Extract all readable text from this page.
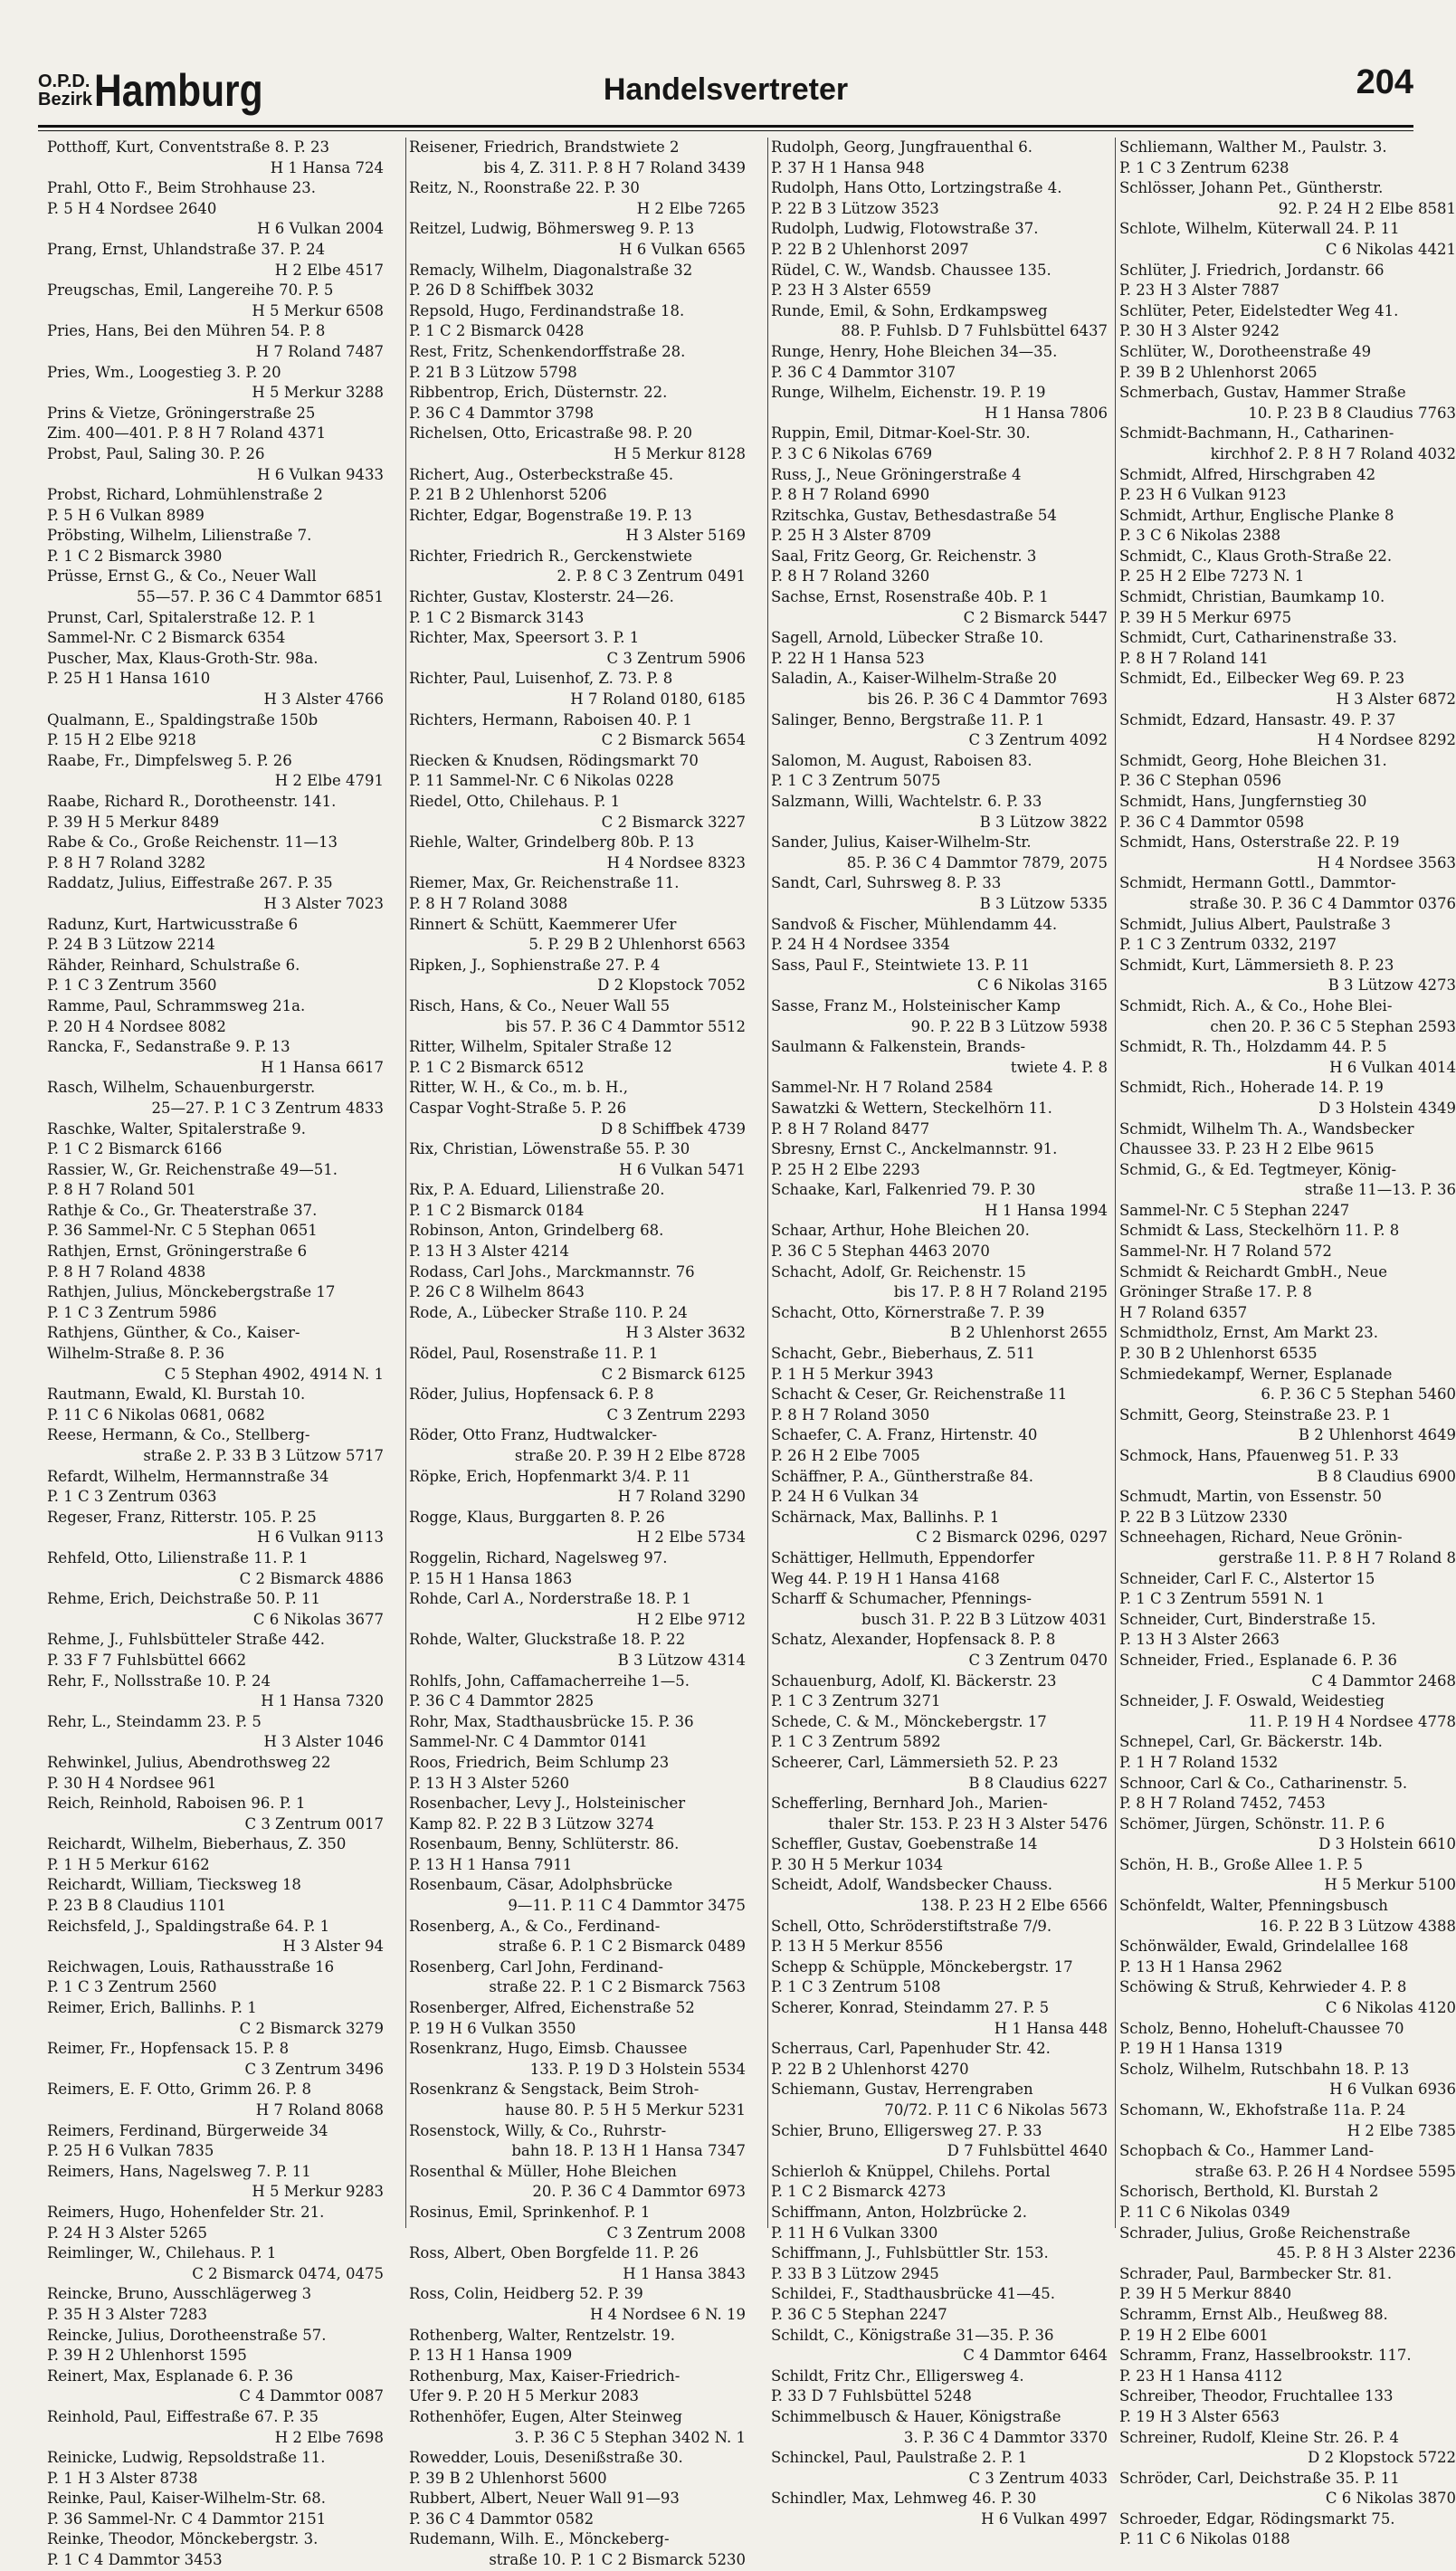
O.P.D.
Bezirk Hamburg	Handelsvertreter	204
Potthoff, Kurt, Conventstraße 8. P. 23
H 1 Hansa 724
Prahl, Otto F., Beim Strohhause 23.
P. 5 H 4 Nordsee 2640
H 6 Vulkan 2004
Prang, Ernst, Uhlandstraße 37. P. 24
H 2 Elbe 4517
Preugschas, Emil, Langereihe 70. P. 5
H 5 Merkur 6508
Pries, Hans, Bei den Mühren 54. P. 8
H 7 Roland 7487
Pries, Wm., Loogestieg 3. P. 20
H 5 Merkur 3288
Prins & Vietze, Gröningerstraße 25
Zim. 400—401. P. 8 H 7 Roland 4371
Probst, Paul, Saling 30. P. 26
H 6 Vulkan 9433
Probst, Richard, Lohmühlenstraße 2
P. 5 H 6 Vulkan 8989
Pröbsting, Wilhelm, Lilienstraße 7.
P. 1 C 2 Bismarck 3980
Prüsse, Ernst G., & Co., Neuer Wall
55—57. P. 36 C 4 Dammtor 6851
Prunst, Carl, Spitalerstraße 12. P. 1
Sammel-Nr. C 2 Bismarck 6354
Puscher, Max, Klaus-Groth-Str. 98a.
P. 25 H 1 Hansa 1610
H 3 Alster 4766
Qualmann, E., Spaldingstraße 150b
P. 15 H 2 Elbe 9218
Raabe, Fr., Dimpfelsweg 5. P. 26
H 2 Elbe 4791
Raabe, Richard R., Dorotheenstr. 141.
P. 39 H 5 Merkur 8489
Rabe & Co., Große Reichenstr. 11—13
P. 8 H 7 Roland 3282
Raddatz, Julius, Eiffestraße 267. P. 35
H 3 Alster 7023
Radunz, Kurt, Hartwicusstraße 6
P. 24 B 3 Lützow 2214
Rähder, Reinhard, Schulstraße 6.
P. 1 C 3 Zentrum 3560
Ramme, Paul, Schrammsweg 21a.
P. 20 H 4 Nordsee 8082
Rancka, F., Sedanstraße 9. P. 13
H 1 Hansa 6617
Rasch, Wilhelm, Schauenburgerstr.
25—27. P. 1 C 3 Zentrum 4833
Raschke, Walter, Spitalerstraße 9.
P. 1 C 2 Bismarck 6166
Rassier, W., Gr. Reichenstraße 49—51.
P. 8 H 7 Roland 501
Rathje & Co., Gr. Theaterstraße 37.
P. 36 Sammel-Nr. C 5 Stephan 0651
Rathjen, Ernst, Gröningerstraße 6
P. 8 H 7 Roland 4838
Rathjen, Julius, Mönckebergstraße 17
P. 1 C 3 Zentrum 5986
Rathjens, Günther, & Co., Kaiser-
Wilhelm-Straße 8. P. 36
C 5 Stephan 4902, 4914 N. 1
Rautmann, Ewald, Kl. Burstah 10.
P. 11 C 6 Nikolas 0681, 0682
Reese, Hermann, & Co., Stellberg-
straße 2. P. 33 B 3 Lützow 5717
Refardt, Wilhelm, Hermannstraße 34
P. 1 C 3 Zentrum 0363
Regeser, Franz, Ritterstr. 105. P. 25
H 6 Vulkan 9113
Rehfeld, Otto, Lilienstraße 11. P. 1
C 2 Bismarck 4886
Rehme, Erich, Deichstraße 50. P. 11
C 6 Nikolas 3677
Rehme, J., Fuhlsbütteler Straße 442.
P. 33 F 7 Fuhlsbüttel 6662
Rehr, F., Nollsstraße 10. P. 24
H 1 Hansa 7320
Rehr, L., Steindamm 23. P. 5
H 3 Alster 1046
Rehwinkel, Julius, Abendrothsweg 22
P. 30 H 4 Nordsee 961
Reich, Reinhold, Raboisen 96. P. 1
C 3 Zentrum 0017
Reichardt, Wilhelm, Bieberhaus, Z. 350
P. 1 H 5 Merkur 6162
Reichardt, William, Tiecksweg 18
P. 23 B 8 Claudius 1101
Reichsfeld, J., Spaldingstraße 64. P. 1
H 3 Alster 94
Reichwagen, Louis, Rathausstraße 16
P. 1 C 3 Zentrum 2560
Reimer, Erich, Ballinhs. P. 1
C 2 Bismarck 3279
Reimer, Fr., Hopfensack 15. P. 8
C 3 Zentrum 3496
Reimers, E. F. Otto, Grimm 26. P. 8
H 7 Roland 8068
Reimers, Ferdinand, Bürgerweide 34
P. 25 H 6 Vulkan 7835
Reimers, Hans, Nagelsweg 7. P. 11
H 5 Merkur 9283
Reimers, Hugo, Hohenfelder Str. 21.
P. 24 H 3 Alster 5265
Reimlinger, W., Chilehaus. P. 1
C 2 Bismarck 0474, 0475
Reincke, Bruno, Ausschlägerweg 3
P. 35 H 3 Alster 7283
Reincke, Julius, Dorotheenstraße 57.
P. 39 H 2 Uhlenhorst 1595
Reinert, Max, Esplanade 6. P. 36
C 4 Dammtor 0087
Reinhold, Paul, Eiffestraße 67. P. 35
H 2 Elbe 7698
Reinicke, Ludwig, Repsoldstraße 11.
P. 1 H 3 Alster 8738
Reinke, Paul, Kaiser-Wilhelm-Str. 68.
P. 36 Sammel-Nr. C 4 Dammtor 2151
Reinke, Theodor, Mönckebergstr. 3.
P. 1 C 4 Dammtor 3453
Reisener, Friedrich, Brandstwiete 2
bis 4, Z. 311. P. 8 H 7 Roland 3439
Reitz, N., Roonstraße 22. P. 30
H 2 Elbe 7265
Reitzel, Ludwig, Böhmersweg 9. P. 13
H 6 Vulkan 6565
Remacly, Wilhelm, Diagonalstraße 32
P. 26 D 8 Schiffbek 3032
Repsold, Hugo, Ferdinandstraße 18.
P. 1 C 2 Bismarck 0428
Rest, Fritz, Schenkendorffstraße 28.
P. 21 B 3 Lützow 5798
Ribbentrop, Erich, Düsternstr. 22.
P. 36 C 4 Dammtor 3798
Richelsen, Otto, Ericastraße 98. P. 20
H 5 Merkur 8128
Richert, Aug., Osterbeckstraße 45.
P. 21 B 2 Uhlenhorst 5206
Richter, Edgar, Bogenstraße 19. P. 13
H 3 Alster 5169
Richter, Friedrich R., Gerckenstwiete
2. P. 8 C 3 Zentrum 0491
Richter, Gustav, Klosterstr. 24—26.
P. 1 C 2 Bismarck 3143
Richter, Max, Speersort 3. P. 1
C 3 Zentrum 5906
Richter, Paul, Luisenhof, Z. 73. P. 8
H 7 Roland 0180, 6185
Richters, Hermann, Raboisen 40. P. 1
C 2 Bismarck 5654
Riecken & Knudsen, Rödingsmarkt 70
P. 11 Sammel-Nr. C 6 Nikolas 0228
Riedel, Otto, Chilehaus. P. 1
C 2 Bismarck 3227
Riehle, Walter, Grindelberg 80b. P. 13
H 4 Nordsee 8323
Riemer, Max, Gr. Reichenstraße 11.
P. 8 H 7 Roland 3088
Rinnert & Schütt, Kaemmerer Ufer
5. P. 29 B 2 Uhlenhorst 6563
Ripken, J., Sophienstraße 27. P. 4
D 2 Klopstock 7052
Risch, Hans, & Co., Neuer Wall 55
bis 57. P. 36 C 4 Dammtor 5512
Ritter, Wilhelm, Spitaler Straße 12
P. 1 C 2 Bismarck 6512
Ritter, W. H., & Co., m. b. H.,
Caspar Voght-Straße 5. P. 26
D 8 Schiffbek 4739
Rix, Christian, Löwenstraße 55. P. 30
H 6 Vulkan 5471
Rix, P. A. Eduard, Lilienstraße 20.
P. 1 C 2 Bismarck 0184
Robinson, Anton, Grindelberg 68.
P. 13 H 3 Alster 4214
Rodass, Carl Johs., Marckmannstr. 76
P. 26 C 8 Wilhelm 8643
Rode, A., Lübecker Straße 110. P. 24
H 3 Alster 3632
Rödel, Paul, Rosenstraße 11. P. 1
C 2 Bismarck 6125
Röder, Julius, Hopfensack 6. P. 8
C 3 Zentrum 2293
Röder, Otto Franz, Hudtwalcker-
straße 20. P. 39 H 2 Elbe 8728
Röpke, Erich, Hopfenmarkt 3/4. P. 11
H 7 Roland 3290
Rogge, Klaus, Burggarten 8. P. 26
H 2 Elbe 5734
Roggelin, Richard, Nagelsweg 97.
P. 15 H 1 Hansa 1863
Rohde, Carl A., Norderstraße 18. P. 1
H 2 Elbe 9712
Rohde, Walter, Gluckstraße 18. P. 22
B 3 Lützow 4314
Rohlfs, John, Caffamacherreihe 1—5.
P. 36 C 4 Dammtor 2825
Rohr, Max, Stadthausbrücke 15. P. 36
Sammel-Nr. C 4 Dammtor 0141
Roos, Friedrich, Beim Schlump 23
P. 13 H 3 Alster 5260
Rosenbacher, Levy J., Holsteinischer
Kamp 82. P. 22 B 3 Lützow 3274
Rosenbaum, Benny, Schlüterstr. 86.
P. 13 H 1 Hansa 7911
Rosenbaum, Cäsar, Adolphsbrücke
9—11. P. 11 C 4 Dammtor 3475
Rosenberg, A., & Co., Ferdinand-
straße 6. P. 1 C 2 Bismarck 0489
Rosenberg, Carl John, Ferdinand-
straße 22. P. 1 C 2 Bismarck 7563
Rosenberger, Alfred, Eichenstraße 52
P. 19 H 6 Vulkan 3550
Rosenkranz, Hugo, Eimsb. Chaussee
133. P. 19 D 3 Holstein 5534
Rosenkranz & Sengstack, Beim Stroh-
hause 80. P. 5 H 5 Merkur 5231
Rosenstock, Willy, & Co., Ruhrstr-
bahn 18. P. 13 H 1 Hansa 7347
Rosenthal & Müller, Hohe Bleichen
20. P. 36 C 4 Dammtor 6973
Rosinus, Emil, Sprinkenhof. P. 1
C 3 Zentrum 2008
Ross, Albert, Oben Borgfelde 11. P. 26
H 1 Hansa 3843
Ross, Colin, Heidberg 52. P. 39
H 4 Nordsee 6 N. 19
Rothenberg, Walter, Rentzelstr. 19.
P. 13 H 1 Hansa 1909
Rothenburg, Max, Kaiser-Friedrich-
Ufer 9. P. 20 H 5 Merkur 2083
Rothenhöfer, Eugen, Alter Steinweg
3. P. 36 C 5 Stephan 3402 N. 1
Rowedder, Louis, Desenißstraße 30.
P. 39 B 2 Uhlenhorst 5600
Rubbert, Albert, Neuer Wall 91—93
P. 36 C 4 Dammtor 0582
Rudemann, Wilh. E., Mönckeberg-
straße 10. P. 1 C 2 Bismarck 5230
Rudolph, Georg, Jungfrauenthal 6.
P. 37 H 1 Hansa 948
Rudolph, Hans Otto, Lortzingstraße 4.
P. 22 B 3 Lützow 3523
Rudolph, Ludwig, Flotowstraße 37.
P. 22 B 2 Uhlenhorst 2097
Rüdel, C. W., Wandsb. Chaussee 135.
P. 23 H 3 Alster 6559
Runde, Emil, & Sohn, Erdkampsweg
88. P. Fuhlsb. D 7 Fuhlsbüttel 6437
Runge, Henry, Hohe Bleichen 34—35.
P. 36 C 4 Dammtor 3107
Runge, Wilhelm, Eichenstr. 19. P. 19
H 1 Hansa 7806
Ruppin, Emil, Ditmar-Koel-Str. 30.
P. 3 C 6 Nikolas 6769
Russ, J., Neue Gröningerstraße 4
P. 8 H 7 Roland 6990
Rzitschka, Gustav, Bethesdastraße 54
P. 25 H 3 Alster 8709
Saal, Fritz Georg, Gr. Reichenstr. 3
P. 8 H 7 Roland 3260
Sachse, Ernst, Rosenstraße 40b. P. 1
C 2 Bismarck 5447
Sagell, Arnold, Lübecker Straße 10.
P. 22 H 1 Hansa 523
Saladin, A., Kaiser-Wilhelm-Straße 20
bis 26. P. 36 C 4 Dammtor 7693
Salinger, Benno, Bergstraße 11. P. 1
C 3 Zentrum 4092
Salomon, M. August, Raboisen 83.
P. 1 C 3 Zentrum 5075
Salzmann, Willi, Wachtelstr. 6. P. 33
B 3 Lützow 3822
Sander, Julius, Kaiser-Wilhelm-Str.
85. P. 36 C 4 Dammtor 7879, 2075
Sandt, Carl, Suhrsweg 8. P. 33
B 3 Lützow 5335
Sandvoß & Fischer, Mühlendamm 44.
P. 24 H 4 Nordsee 3354
Sass, Paul F., Steintwiete 13. P. 11
C 6 Nikolas 3165
Sasse, Franz M., Holsteinischer Kamp
90. P. 22 B 3 Lützow 5938
Saulmann & Falkenstein, Brands-
twiete 4. P. 8
Sammel-Nr. H 7 Roland 2584
Sawatzki & Wettern, Steckelhörn 11.
P. 8 H 7 Roland 8477
Sbresny, Ernst C., Anckelmannstr. 91.
P. 25 H 2 Elbe 2293
Schaake, Karl, Falkenried 79. P. 30
H 1 Hansa 1994
Schaar, Arthur, Hohe Bleichen 20.
P. 36 C 5 Stephan 4463 2070
Schacht, Adolf, Gr. Reichenstr. 15
bis 17. P. 8 H 7 Roland 2195
Schacht, Otto, Körnerstraße 7. P. 39
B 2 Uhlenhorst 2655
Schacht, Gebr., Bieberhaus, Z. 511
P. 1 H 5 Merkur 3943
Schacht & Ceser, Gr. Reichenstraße 11
P. 8 H 7 Roland 3050
Schaefer, C. A. Franz, Hirtenstr. 40
P. 26 H 2 Elbe 7005
Schäffner, P. A., Güntherstraße 84.
P. 24 H 6 Vulkan 34
Schärnack, Max, Ballinhs. P. 1
C 2 Bismarck 0296, 0297
Schättiger, Hellmuth, Eppendorfer
Weg 44. P. 19 H 1 Hansa 4168
Scharff & Schumacher, Pfennings-
busch 31. P. 22 B 3 Lützow 4031
Schatz, Alexander, Hopfensack 8. P. 8
C 3 Zentrum 0470
Schauenburg, Adolf, Kl. Bäckerstr. 23
P. 1 C 3 Zentrum 3271
Schede, C. & M., Mönckebergstr. 17
P. 1 C 3 Zentrum 5892
Scheerer, Carl, Lämmersieth 52. P. 23
B 8 Claudius 6227
Schefferling, Bernhard Joh., Marien-
thaler Str. 153. P. 23 H 3 Alster 5476
Scheffler, Gustav, Goebenstraße 14
P. 30 H 5 Merkur 1034
Scheidt, Adolf, Wandsbecker Chauss.
138. P. 23 H 2 Elbe 6566
Schell, Otto, Schröderstiftstraße 7/9.
P. 13 H 5 Merkur 8556
Schepp & Schüpple, Mönckebergstr. 17
P. 1 C 3 Zentrum 5108
Scherer, Konrad, Steindamm 27. P. 5
H 1 Hansa 448
Scherraus, Carl, Papenhuder Str. 42.
P. 22 B 2 Uhlenhorst 4270
Schiemann, Gustav, Herrengraben
70/72. P. 11 C 6 Nikolas 5673
Schier, Bruno, Elligersweg 27. P. 33
D 7 Fuhlsbüttel 4640
Schierloh & Knüppel, Chilehs. Portal
P. 1 C 2 Bismarck 4273
Schiffmann, Anton, Holzbrücke 2.
P. 11 H 6 Vulkan 3300
Schiffmann, J., Fuhlsbüttler Str. 153.
P. 33 B 3 Lützow 2945
Schildei, F., Stadthausbrücke 41—45.
P. 36 C 5 Stephan 2247
Schildt, C., Königstraße 31—35. P. 36
C 4 Dammtor 6464
Schildt, Fritz Chr., Elligersweg 4.
P. 33 D 7 Fuhlsbüttel 5248
Schimmelbusch & Hauer, Königstraße
3. P. 36 C 4 Dammtor 3370
Schinckel, Paul, Paulstraße 2. P. 1
C 3 Zentrum 4033
Schindler, Max, Lehmweg 46. P. 30
H 6 Vulkan 4997
Schliemann, Walther M., Paulstr. 3.
P. 1 C 3 Zentrum 6238
Schlösser, Johann Pet., Güntherstr.
92. P. 24 H 2 Elbe 8581
Schlote, Wilhelm, Küterwall 24. P. 11
C 6 Nikolas 4421
Schlüter, J. Friedrich, Jordanstr. 66
P. 23 H 3 Alster 7887
Schlüter, Peter, Eidelstedter Weg 41.
P. 30 H 3 Alster 9242
Schlüter, W., Dorotheenstraße 49
P. 39 B 2 Uhlenhorst 2065
Schmerbach, Gustav, Hammer Straße
10. P. 23 B 8 Claudius 7763
Schmidt-Bachmann, H., Catharinen-
kirchhof 2. P. 8 H 7 Roland 4032
Schmidt, Alfred, Hirschgraben 42
P. 23 H 6 Vulkan 9123
Schmidt, Arthur, Englische Planke 8
P. 3 C 6 Nikolas 2388
Schmidt, C., Klaus Groth-Straße 22.
P. 25 H 2 Elbe 7273 N. 1
Schmidt, Christian, Baumkamp 10.
P. 39 H 5 Merkur 6975
Schmidt, Curt, Catharinenstraße 33.
P. 8 H 7 Roland 141
Schmidt, Ed., Eilbecker Weg 69. P. 23
H 3 Alster 6872
Schmidt, Edzard, Hansastr. 49. P. 37
H 4 Nordsee 8292
Schmidt, Georg, Hohe Bleichen 31.
P. 36 C Stephan 0596
Schmidt, Hans, Jungfernstieg 30
P. 36 C 4 Dammtor 0598
Schmidt, Hans, Osterstraße 22. P. 19
H 4 Nordsee 3563
Schmidt, Hermann Gottl., Dammtor-
straße 30. P. 36 C 4 Dammtor 0376
Schmidt, Julius Albert, Paulstraße 3
P. 1 C 3 Zentrum 0332, 2197
Schmidt, Kurt, Lämmersieth 8. P. 23
B 3 Lützow 4273
Schmidt, Rich. A., & Co., Hohe Blei-
chen 20. P. 36 C 5 Stephan 2593
Schmidt, R. Th., Holzdamm 44. P. 5
H 6 Vulkan 4014
Schmidt, Rich., Hoherade 14. P. 19
D 3 Holstein 4349
Schmidt, Wilhelm Th. A., Wandsbecker
Chaussee 33. P. 23 H 2 Elbe 9615
Schmid, G., & Ed. Tegtmeyer, König-
straße 11—13. P. 36
Sammel-Nr. C 5 Stephan 2247
Schmidt & Lass, Steckelhörn 11. P. 8
Sammel-Nr. H 7 Roland 572
Schmidt & Reichardt GmbH., Neue
Gröninger Straße 17. P. 8
H 7 Roland 6357
Schmidtholz, Ernst, Am Markt 23.
P. 30 B 2 Uhlenhorst 6535
Schmiedekampf, Werner, Esplanade
6. P. 36 C 5 Stephan 5460
Schmitt, Georg, Steinstraße 23. P. 1
B 2 Uhlenhorst 4649
Schmock, Hans, Pfauenweg 51. P. 33
B 8 Claudius 6900
Schmudt, Martin, von Essenstr. 50
P. 22 B 3 Lützow 2330
Schneehagen, Richard, Neue Grönin-
gerstraße 11. P. 8 H 7 Roland 8
Schneider, Carl F. C., Alstertor 15
P. 1 C 3 Zentrum 5591 N. 1
Schneider, Curt, Binderstraße 15.
P. 13 H 3 Alster 2663
Schneider, Fried., Esplanade 6. P. 36
C 4 Dammtor 2468
Schneider, J. F. Oswald, Weidestieg
11. P. 19 H 4 Nordsee 4778
Schnepel, Carl, Gr. Bäckerstr. 14b.
P. 1 H 7 Roland 1532
Schnoor, Carl & Co., Catharinenstr. 5.
P. 8 H 7 Roland 7452, 7453
Schömer, Jürgen, Schönstr. 11. P. 6
D 3 Holstein 6610
Schön, H. B., Große Allee 1. P. 5
H 5 Merkur 5100
Schönfeldt, Walter, Pfenningsbusch
16. P. 22 B 3 Lützow 4388
Schönwälder, Ewald, Grindelallee 168
P. 13 H 1 Hansa 2962
Schöwing & Struß, Kehrwieder 4. P. 8
C 6 Nikolas 4120
Scholz, Benno, Hoheluft-Chaussee 70
P. 19 H 1 Hansa 1319
Scholz, Wilhelm, Rutschbahn 18. P. 13
H 6 Vulkan 6936
Schomann, W., Ekhofstraße 11a. P. 24
H 2 Elbe 7385
Schopbach & Co., Hammer Land-
straße 63. P. 26 H 4 Nordsee 5595
Schorisch, Berthold, Kl. Burstah 2
P. 11 C 6 Nikolas 0349
Schrader, Julius, Große Reichenstraße
45. P. 8 H 3 Alster 2236
Schrader, Paul, Barmbecker Str. 81.
P. 39 H 5 Merkur 8840
Schramm, Ernst Alb., Heußweg 88.
P. 19 H 2 Elbe 6001
Schramm, Franz, Hasselbrookstr. 117.
P. 23 H 1 Hansa 4112
Schreiber, Theodor, Fruchtallee 133
P. 19 H 3 Alster 6563
Schreiner, Rudolf, Kleine Str. 26. P. 4
D 2 Klopstock 5722
Schröder, Carl, Deichstraße 35. P. 11
C 6 Nikolas 3870
Schroeder, Edgar, Rödingsmarkt 75.
P. 11 C 6 Nikolas 0188
